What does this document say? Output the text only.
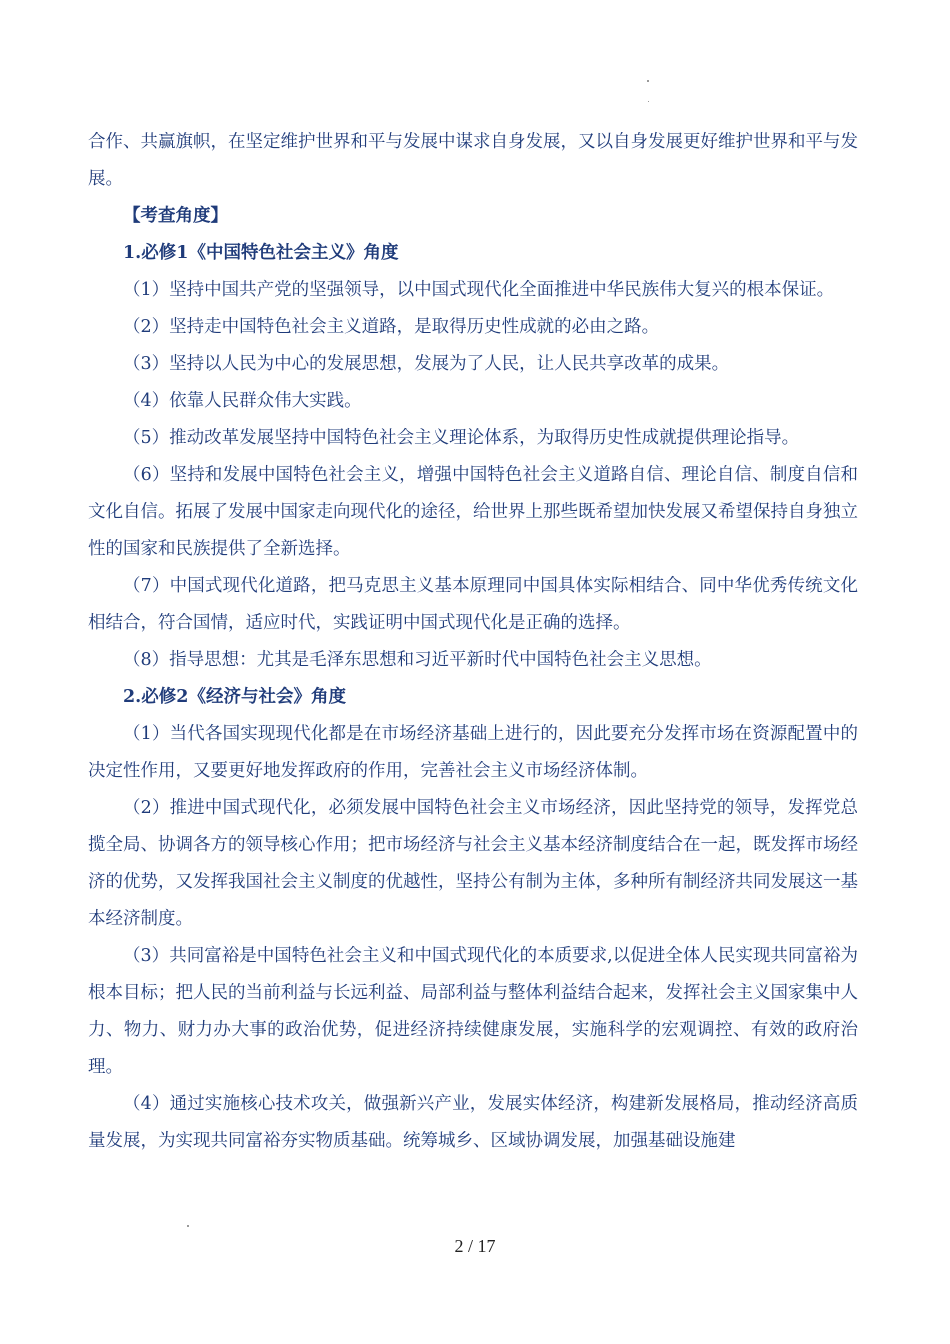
合作、共赢旗帜，在坚定维护世界和平与发展中谋求自身发展，又以自身发展更好维护世界和平与发展。

【考查角度】

1.必修1《中国特色社会主义》角度

（1）坚持中国共产党的坚强领导，以中国式现代化全面推进中华民族伟大复兴的根本保证。

（2）坚持走中国特色社会主义道路，是取得历史性成就的必由之路。

（3）坚持以人民为中心的发展思想，发展为了人民，让人民共享改革的成果。

（4）依靠人民群众伟大实践。

（5）推动改革发展坚持中国特色社会主义理论体系，为取得历史性成就提供理论指导。

（6）坚持和发展中国特色社会主义，增强中国特色社会主义道路自信、理论自信、制度自信和文化自信。拓展了发展中国家走向现代化的途径，给世界上那些既希望加快发展又希望保持自身独立性的国家和民族提供了全新选择。

（7）中国式现代化道路，把马克思主义基本原理同中国具体实际相结合、同中华优秀传统文化相结合，符合国情，适应时代，实践证明中国式现代化是正确的选择。

（8）指导思想：尤其是毛泽东思想和习近平新时代中国特色社会主义思想。

2.必修2《经济与社会》角度

（1）当代各国实现现代化都是在市场经济基础上进行的，因此要充分发挥市场在资源配置中的决定性作用，又要更好地发挥政府的作用，完善社会主义市场经济体制。

（2）推进中国式现代化，必须发展中国特色社会主义市场经济，因此坚持党的领导，发挥党总揽全局、协调各方的领导核心作用；把市场经济与社会主义基本经济制度结合在一起，既发挥市场经济的优势，又发挥我国社会主义制度的优越性，坚持公有制为主体，多种所有制经济共同发展这一基本经济制度。

（3）共同富裕是中国特色社会主义和中国式现代化的本质要求,以促进全体人民实现共同富裕为根本目标；把人民的当前利益与长远利益、局部利益与整体利益结合起来，发挥社会主义国家集中人力、物力、财力办大事的政治优势，促进经济持续健康发展，实施科学的宏观调控、有效的政府治理。

（4）通过实施核心技术攻关，做强新兴产业，发展实体经济，构建新发展格局，推动经济高质量发展，为实现共同富裕夯实物质基础。统筹城乡、区域协调发展，加强基础设施建

2 / 17
